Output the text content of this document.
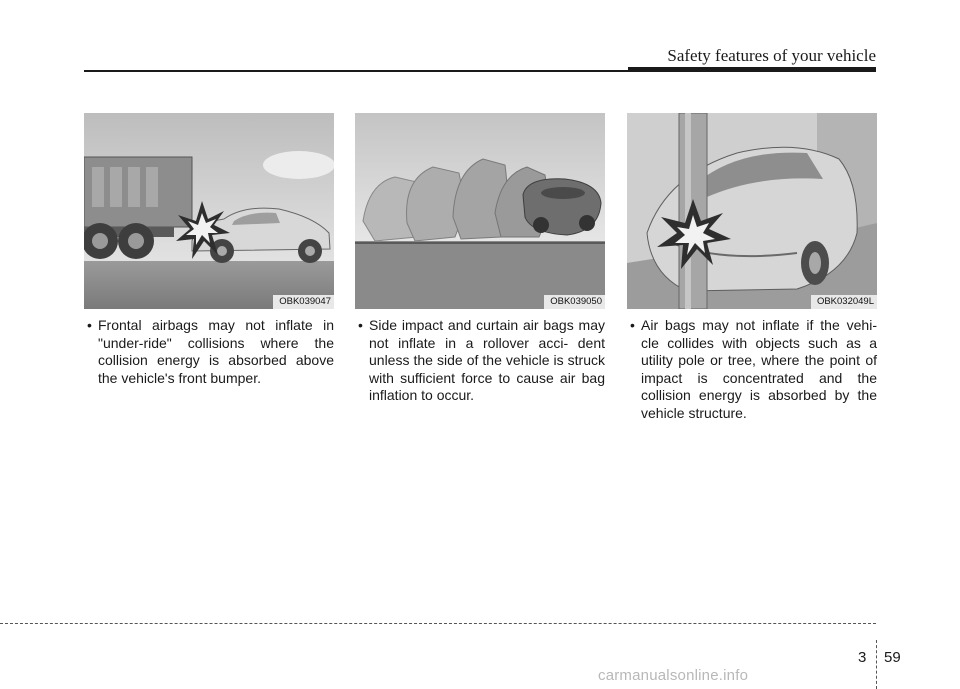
Safety features of your vehicle
OBK039047	OBK039050	OBK032049L
• Frontal airbags may not inflate in "under-ride" collisions where the collision energy is absorbed above the vehicle's front bumper.
• Side impact and curtain air bags may not inflate in a rollover acci- dent unless the side of the vehicle is struck with sufficient force to cause air bag inflation to occur.
• Air bags may not inflate if the vehi- cle collides with objects such as a utility pole or tree, where the point of impact is concentrated and the collision energy is absorbed by the vehicle structure.
3 59
carmanualsonline.info
